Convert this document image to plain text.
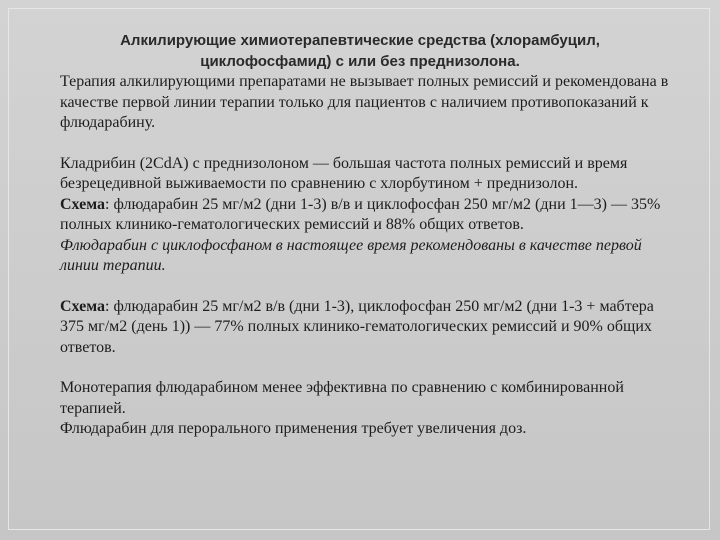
Алкилирующие химиотерапевтические средства (хлорамбуцил,
циклофосфамид) с или без преднизолона.

Терапия алкилирующими препаратами не вызывает полных ремиссий и рекомендована в качестве первой линии терапии только для пациентов с наличием противопоказаний к флюдарабину.

Кладрибин (2CdA) с преднизолоном — большая частота полных ремиссий и время безрецедивной выживаемости по сравнению с хлорбутином + преднизолон.

Схема: флюдарабин 25 мг/м2 (дни 1-3) в/в и циклофосфан 250 мг/м2 (дни 1—3) — 35% полных клинико-гематологических ремиссий и 88% общих ответов.

Флюдарабин с циклофосфаном в настоящее время рекомендованы в качестве первой линии терапии.

Схема: флюдарабин 25 мг/м2 в/в (дни 1-3), циклофосфан 250 мг/м2 (дни 1-3 + мабтера 375 мг/м2 (день 1)) — 77% полных клинико-гематологических ремиссий и 90% общих ответов.

Монотерапия флюдарабином менее эффективна по сравнению с комбинированной терапией.

Флюдарабин для перорального применения требует увеличения доз.
